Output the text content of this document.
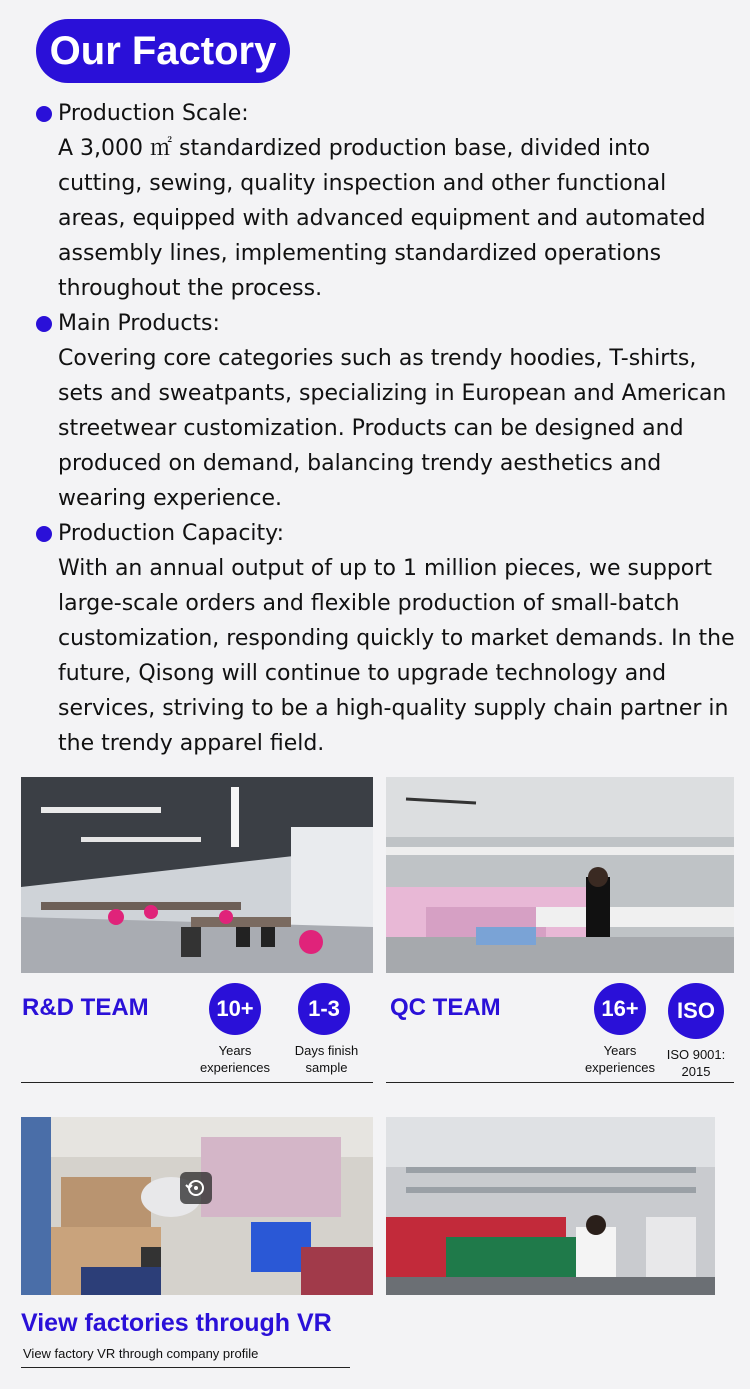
Our Factory
Production Scale:
A 3,000 ㎡ standardized production base, divided into cutting, sewing, quality inspection and other functional areas, equipped with advanced equipment and automated assembly lines, implementing standardized operations throughout the process.
Main Products:
Covering core categories such as trendy hoodies, T-shirts, sets and sweatpants, specializing in European and American streetwear customization. Products can be designed and produced on demand, balancing trendy aesthetics and wearing experience.
Production Capacity:
With an annual output of up to 1 million pieces, we support large-scale orders and flexible production of small-batch customization, responding quickly to market demands. In the future, Qisong will continue to upgrade technology and services, striving to be a high-quality supply chain partner in the trendy apparel field.
R&D TEAM	10+
Years
experiences
1-3
Days finish
sample
QC TEAM	16+
Years
experiences
ISO
ISO 9001:
2015
View factories through VR
View factory VR through company profile
